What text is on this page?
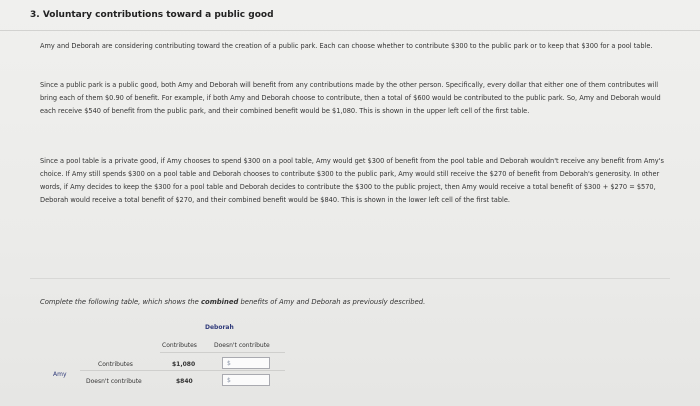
3. Voluntary contributions toward a public good

Amy and Deborah are considering contributing toward the creation of a public park. Each can choose whether to contribute $300 to the public park or to keep that $300 for a pool table.

Since a public park is a public good, both Amy and Deborah will benefit from any contributions made by the other person. Specifically, every dollar that either one of them contributes will bring each of them $0.90 of benefit. For example, if both Amy and Deborah choose to contribute, then a total of $600 would be contributed to the public park. So, Amy and Deborah would each receive $540 of benefit from the public park, and their combined benefit would be $1,080. This is shown in the upper left cell of the first table.

Since a pool table is a private good, if Amy chooses to spend $300 on a pool table, Amy would get $300 of benefit from the pool table and Deborah wouldn't receive any benefit from Amy's choice. If Amy still spends $300 on a pool table and Deborah chooses to contribute $300 to the public park, Amy would still receive the $270 of benefit from Deborah's generosity. In other words, if Amy decides to keep the $300 for a pool table and Deborah decides to contribute the $300 to the public project, then Amy would receive a total benefit of $300 + $270 = $570, Deborah would receive a total benefit of $270, and their combined benefit would be $840. This is shown in the lower left cell of the first table.

Complete the following table, which shows the combined benefits of Amy and Deborah as previously described.
Deborah
Contributes	Doesn't contribute
Amy
Contributes
Doesn't contribute
$1,080
$840
$
$
